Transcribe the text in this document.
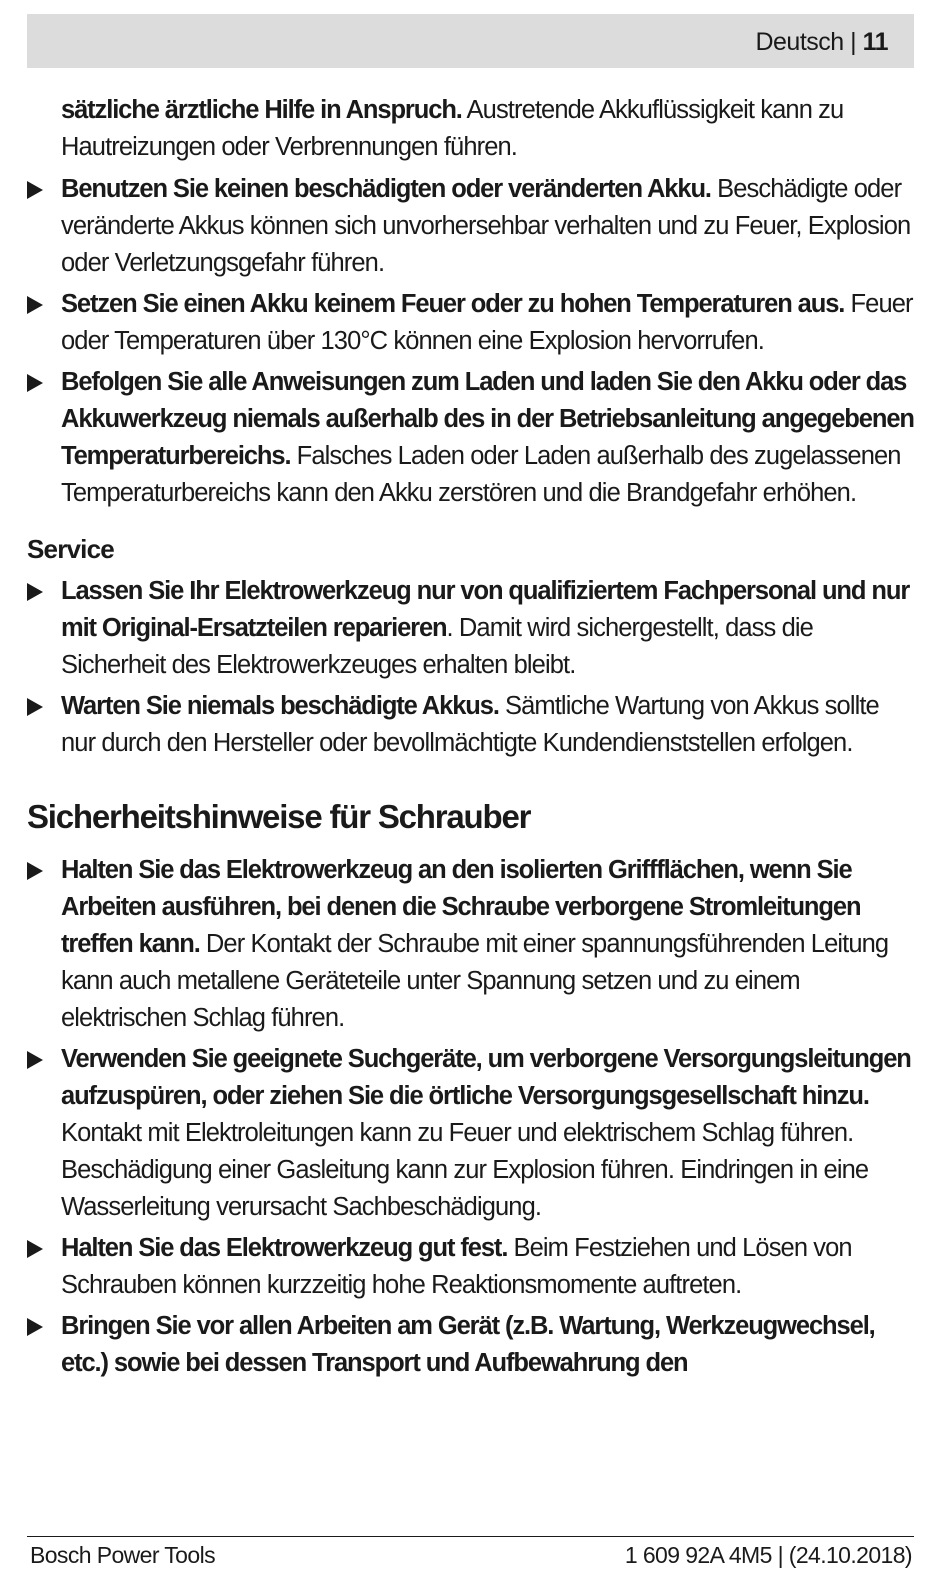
Deutsch | 11
sätzliche ärztliche Hilfe in Anspruch. Austretende Akkuflüssigkeit kann zu Hautreizungen oder Verbrennungen führen.
Benutzen Sie keinen beschädigten oder veränderten Akku. Beschädigte oder veränderte Akkus können sich unvorhersehbar verhalten und zu Feuer, Explosion oder Verletzungsgefahr führen.
Setzen Sie einen Akku keinem Feuer oder zu hohen Temperaturen aus. Feuer oder Temperaturen über 130°C können eine Explosion hervorrufen.
Befolgen Sie alle Anweisungen zum Laden und laden Sie den Akku oder das Akkuwerkzeug niemals außerhalb des in der Betriebsanleitung angegebenen Temperaturbereichs. Falsches Laden oder Laden außerhalb des zugelassenen Temperaturbereichs kann den Akku zerstören und die Brandgefahr erhöhen.
Service
Lassen Sie Ihr Elektrowerkzeug nur von qualifiziertem Fachpersonal und nur mit Original-Ersatzteilen reparieren. Damit wird sichergestellt, dass die Sicherheit des Elektrowerkzeuges erhalten bleibt.
Warten Sie niemals beschädigte Akkus. Sämtliche Wartung von Akkus sollte nur durch den Hersteller oder bevollmächtigte Kundendienststellen erfolgen.
Sicherheitshinweise für Schrauber
Halten Sie das Elektrowerkzeug an den isolierten Griffflächen, wenn Sie Arbeiten ausführen, bei denen die Schraube verborgene Stromleitungen treffen kann. Der Kontakt der Schraube mit einer spannungsführenden Leitung kann auch metallene Geräteteile unter Spannung setzen und zu einem elektrischen Schlag führen.
Verwenden Sie geeignete Suchgeräte, um verborgene Versorgungsleitungen aufzuspüren, oder ziehen Sie die örtliche Versorgungsgesellschaft hinzu. Kontakt mit Elektroleitungen kann zu Feuer und elektrischem Schlag führen. Beschädigung einer Gasleitung kann zur Explosion führen. Eindringen in eine Wasserleitung verursacht Sachbeschädigung.
Halten Sie das Elektrowerkzeug gut fest. Beim Festziehen und Lösen von Schrauben können kurzzeitig hohe Reaktionsmomente auftreten.
Bringen Sie vor allen Arbeiten am Gerät (z.B. Wartung, Werkzeugwechsel, etc.) sowie bei dessen Transport und Aufbewahrung den
Bosch Power Tools	1 609 92A 4M5 | (24.10.2018)
